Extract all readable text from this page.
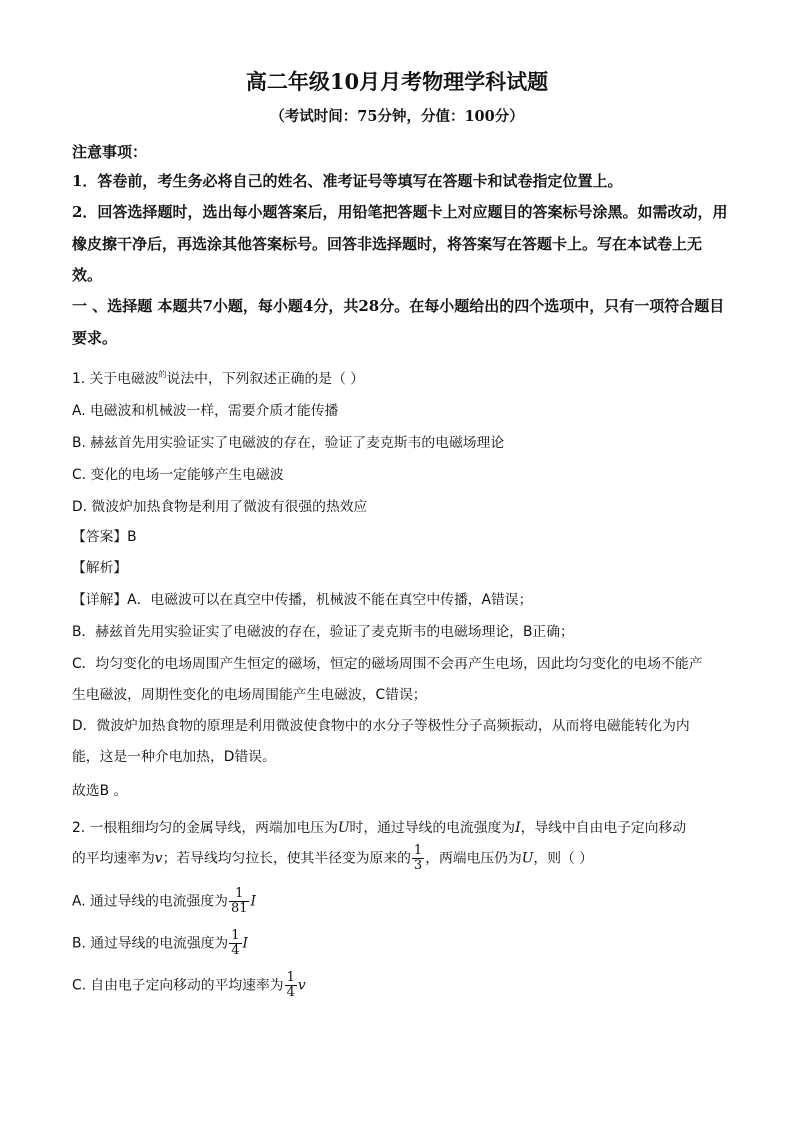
高二年级10月月考物理学科试题
（考试时间：75分钟，分值：100分）
注意事项：
1．答卷前，考生务必将自己的姓名、准考证号等填写在答题卡和试卷指定位置上。
2．回答选择题时，选出每小题答案后，用铅笔把答题卡上对应题目的答案标号涂黑。如需改动，用橡皮擦干净后，再选涂其他答案标号。回答非选择题时，将答案写在答题卡上。写在本试卷上无效。
一 、选择题 本题共7小题，每小题4分，共28分。在每小题给出的四个选项中，只有一项符合题目要求。
1. 关于电磁波$^的$说法中，下列叙述正确的是（ ）
A. 电磁波和机械波一样，需要介质才能传播
B. 赫兹首先用实验证实了电磁波的存在，验证了麦克斯韦的电磁场理论
C. 变化的电场一定能够产生电磁波
D. 微波炉加热食物是利用了微波有很强的热效应
【答案】B
【解析】
【详解】A．电磁波可以在真空中传播，机械波不能在真空中传播，A错误；
B．赫兹首先用实验证实了电磁波的存在，验证了麦克斯韦的电磁场理论，B正确；
C．均匀变化的电场周围产生恒定的磁场，恒定的磁场周围不会再产生电场，因此均匀变化的电场不能产
生电磁波，周期性变化的电场周围能产生电磁波，C错误；
D．微波炉加热食物的原理是利用微波使食物中的水分子等极性分子高频振动，从而将电磁能转化为内
能，这是一种介电加热，D错误。
故选B 。
2. 一根粗细均匀的金属导线，两端加电压为U时，通过导线的电流强度为I，导线中自由电子定向移动
的平均速率为v；若导线均匀拉长，使其半径变为原来的 $\frac{1}{3}$ ，两端电压仍为U，则（ ）
A. 通过导线的电流强度为 $\frac{1}{81}$ I
B. 通过导线的电流强度为 $\frac{1}{4}$ I
C. 自由电子定向移动的平均速率为 $\frac{1}{4}$ v
